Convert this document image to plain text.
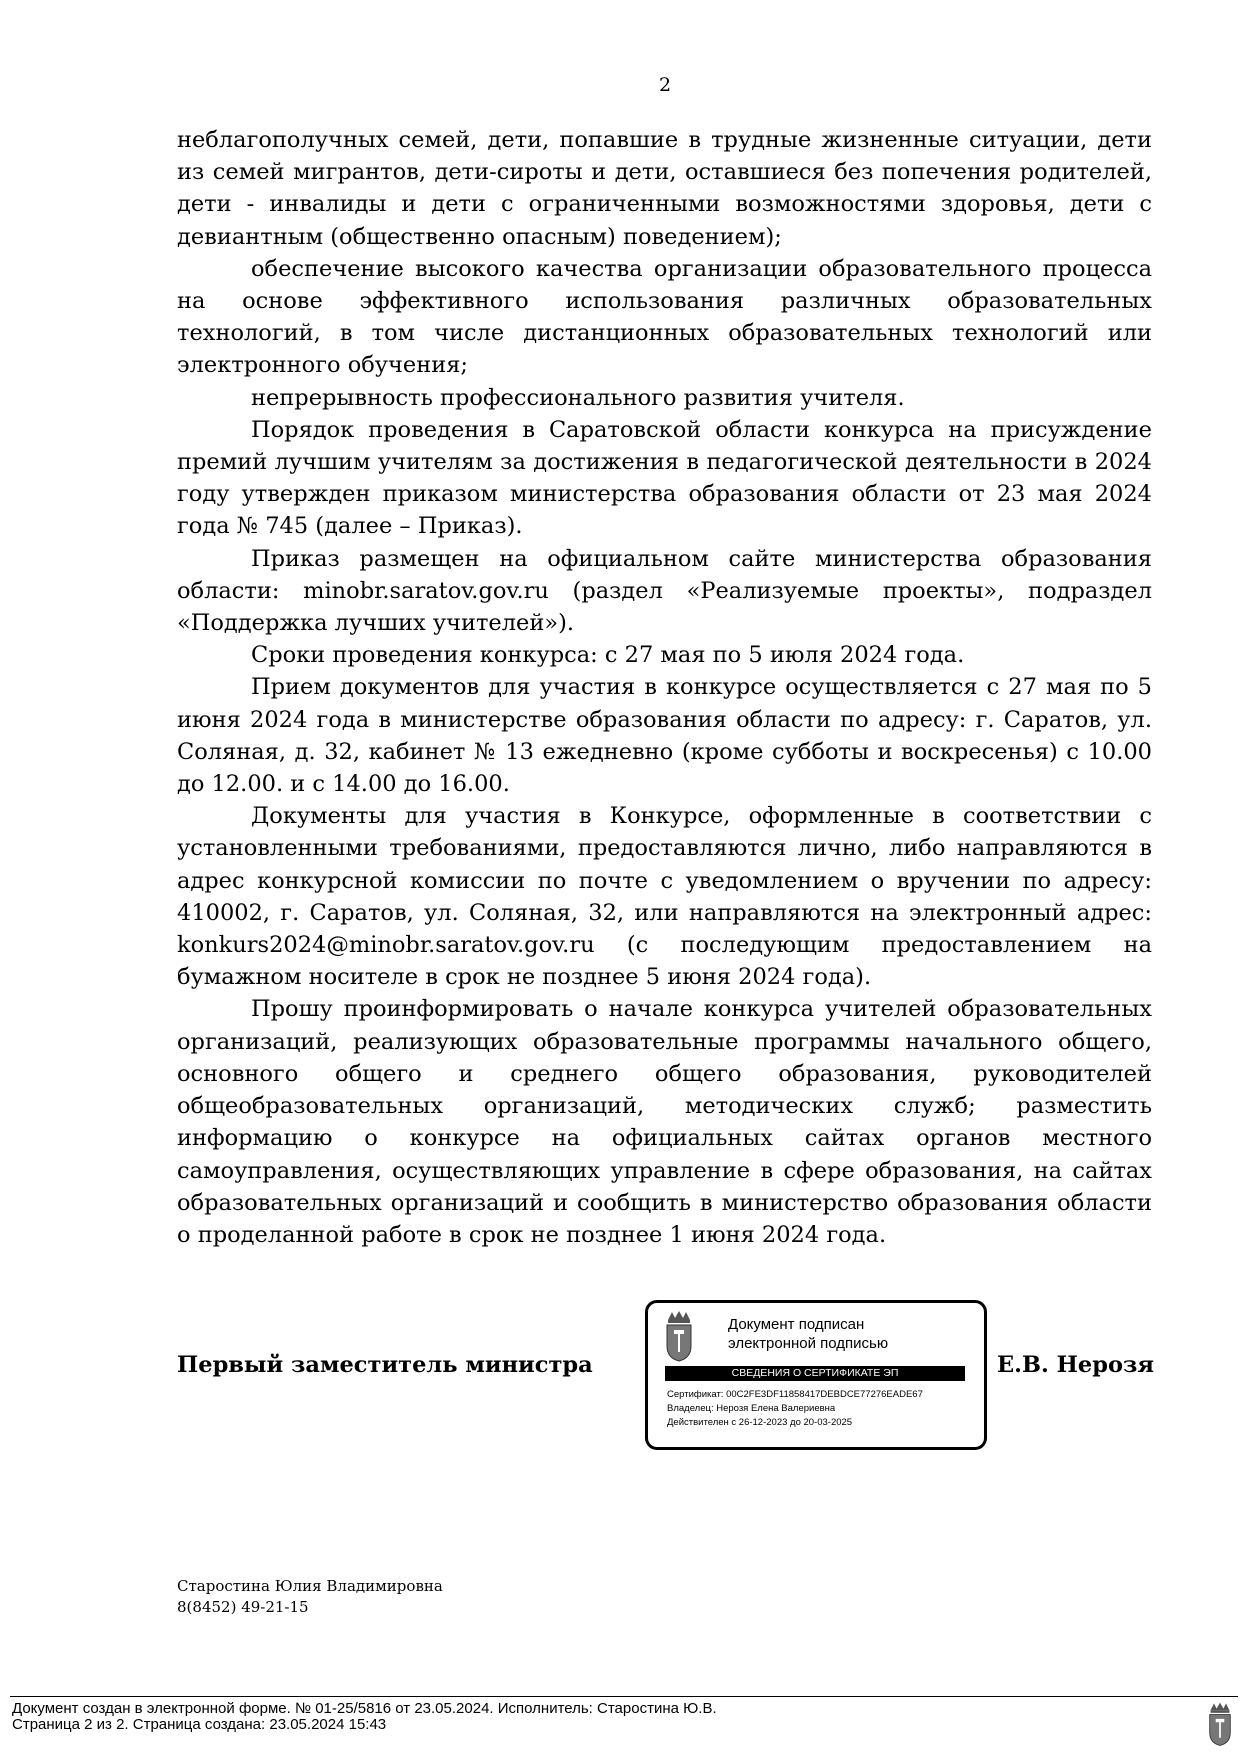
2

неблагополучных семей, дети, попавшие в трудные жизненные ситуации, дети из семей мигрантов, дети-сироты и дети, оставшиеся без попечения родителей, дети - инвалиды и дети с ограниченными возможностями здоровья, дети с девиантным (общественно опасным) поведением);

обеспечение высокого качества организации образовательного процесса на основе эффективного использования различных образовательных технологий, в том числе дистанционных образовательных технологий или электронного обучения;

непрерывность профессионального развития учителя.

Порядок проведения в Саратовской области конкурса на присуждение премий лучшим учителям за достижения в педагогической деятельности в 2024 году утвержден приказом министерства образования области от 23 мая 2024 года № 745 (далее – Приказ).

Приказ размещен на официальном сайте министерства образования области: minobr.saratov.gov.ru (раздел «Реализуемые проекты», подраздел «Поддержка лучших учителей»).

Сроки проведения конкурса: с 27 мая по 5 июля 2024 года.

Прием документов для участия в конкурсе осуществляется с 27 мая по 5 июня 2024 года в министерстве образования области по адресу: г. Саратов, ул. Соляная, д. 32, кабинет № 13 ежедневно (кроме субботы и воскресенья) с 10.00 до 12.00. и с 14.00 до 16.00.

Документы для участия в Конкурсе, оформленные в соответствии с установленными требованиями, предоставляются лично, либо направляются в адрес конкурсной комиссии по почте с уведомлением о вручении по адресу: 410002, г. Саратов, ул. Соляная, 32, или направляются на электронный адрес: konkurs2024@minobr.saratov.gov.ru (с последующим предоставлением на бумажном носителе в срок не позднее 5 июня 2024 года).

Прошу проинформировать о начале конкурса учителей образовательных организаций, реализующих образовательные программы начального общего, основного общего и среднего общего образования, руководителей общеобразовательных организаций, методических служб; разместить информацию о конкурсе на официальных сайтах органов местного самоуправления, осуществляющих управление в сфере образования, на сайтах образовательных организаций и сообщить в министерство образования области о проделанной работе в срок не позднее 1 июня 2024 года.

Первый заместитель министра
Документ подписан
электронной подписью
СВЕДЕНИЯ О СЕРТИФИКАТЕ ЭП
Сертификат: 00C2FE3DF11858417DEBDCE77276EADE67
Владелец: Нерозя Елена Валериевна
Действителен с 26-12-2023 до 20-03-2025
Е.В. Нерозя
Старостина Юлия Владимировна
8(8452) 49-21-15
Документ создан в электронной форме. № 01-25/5816 от 23.05.2024. Исполнитель: Старостина Ю.В.
Страница 2 из 2. Страница создана: 23.05.2024 15:43
